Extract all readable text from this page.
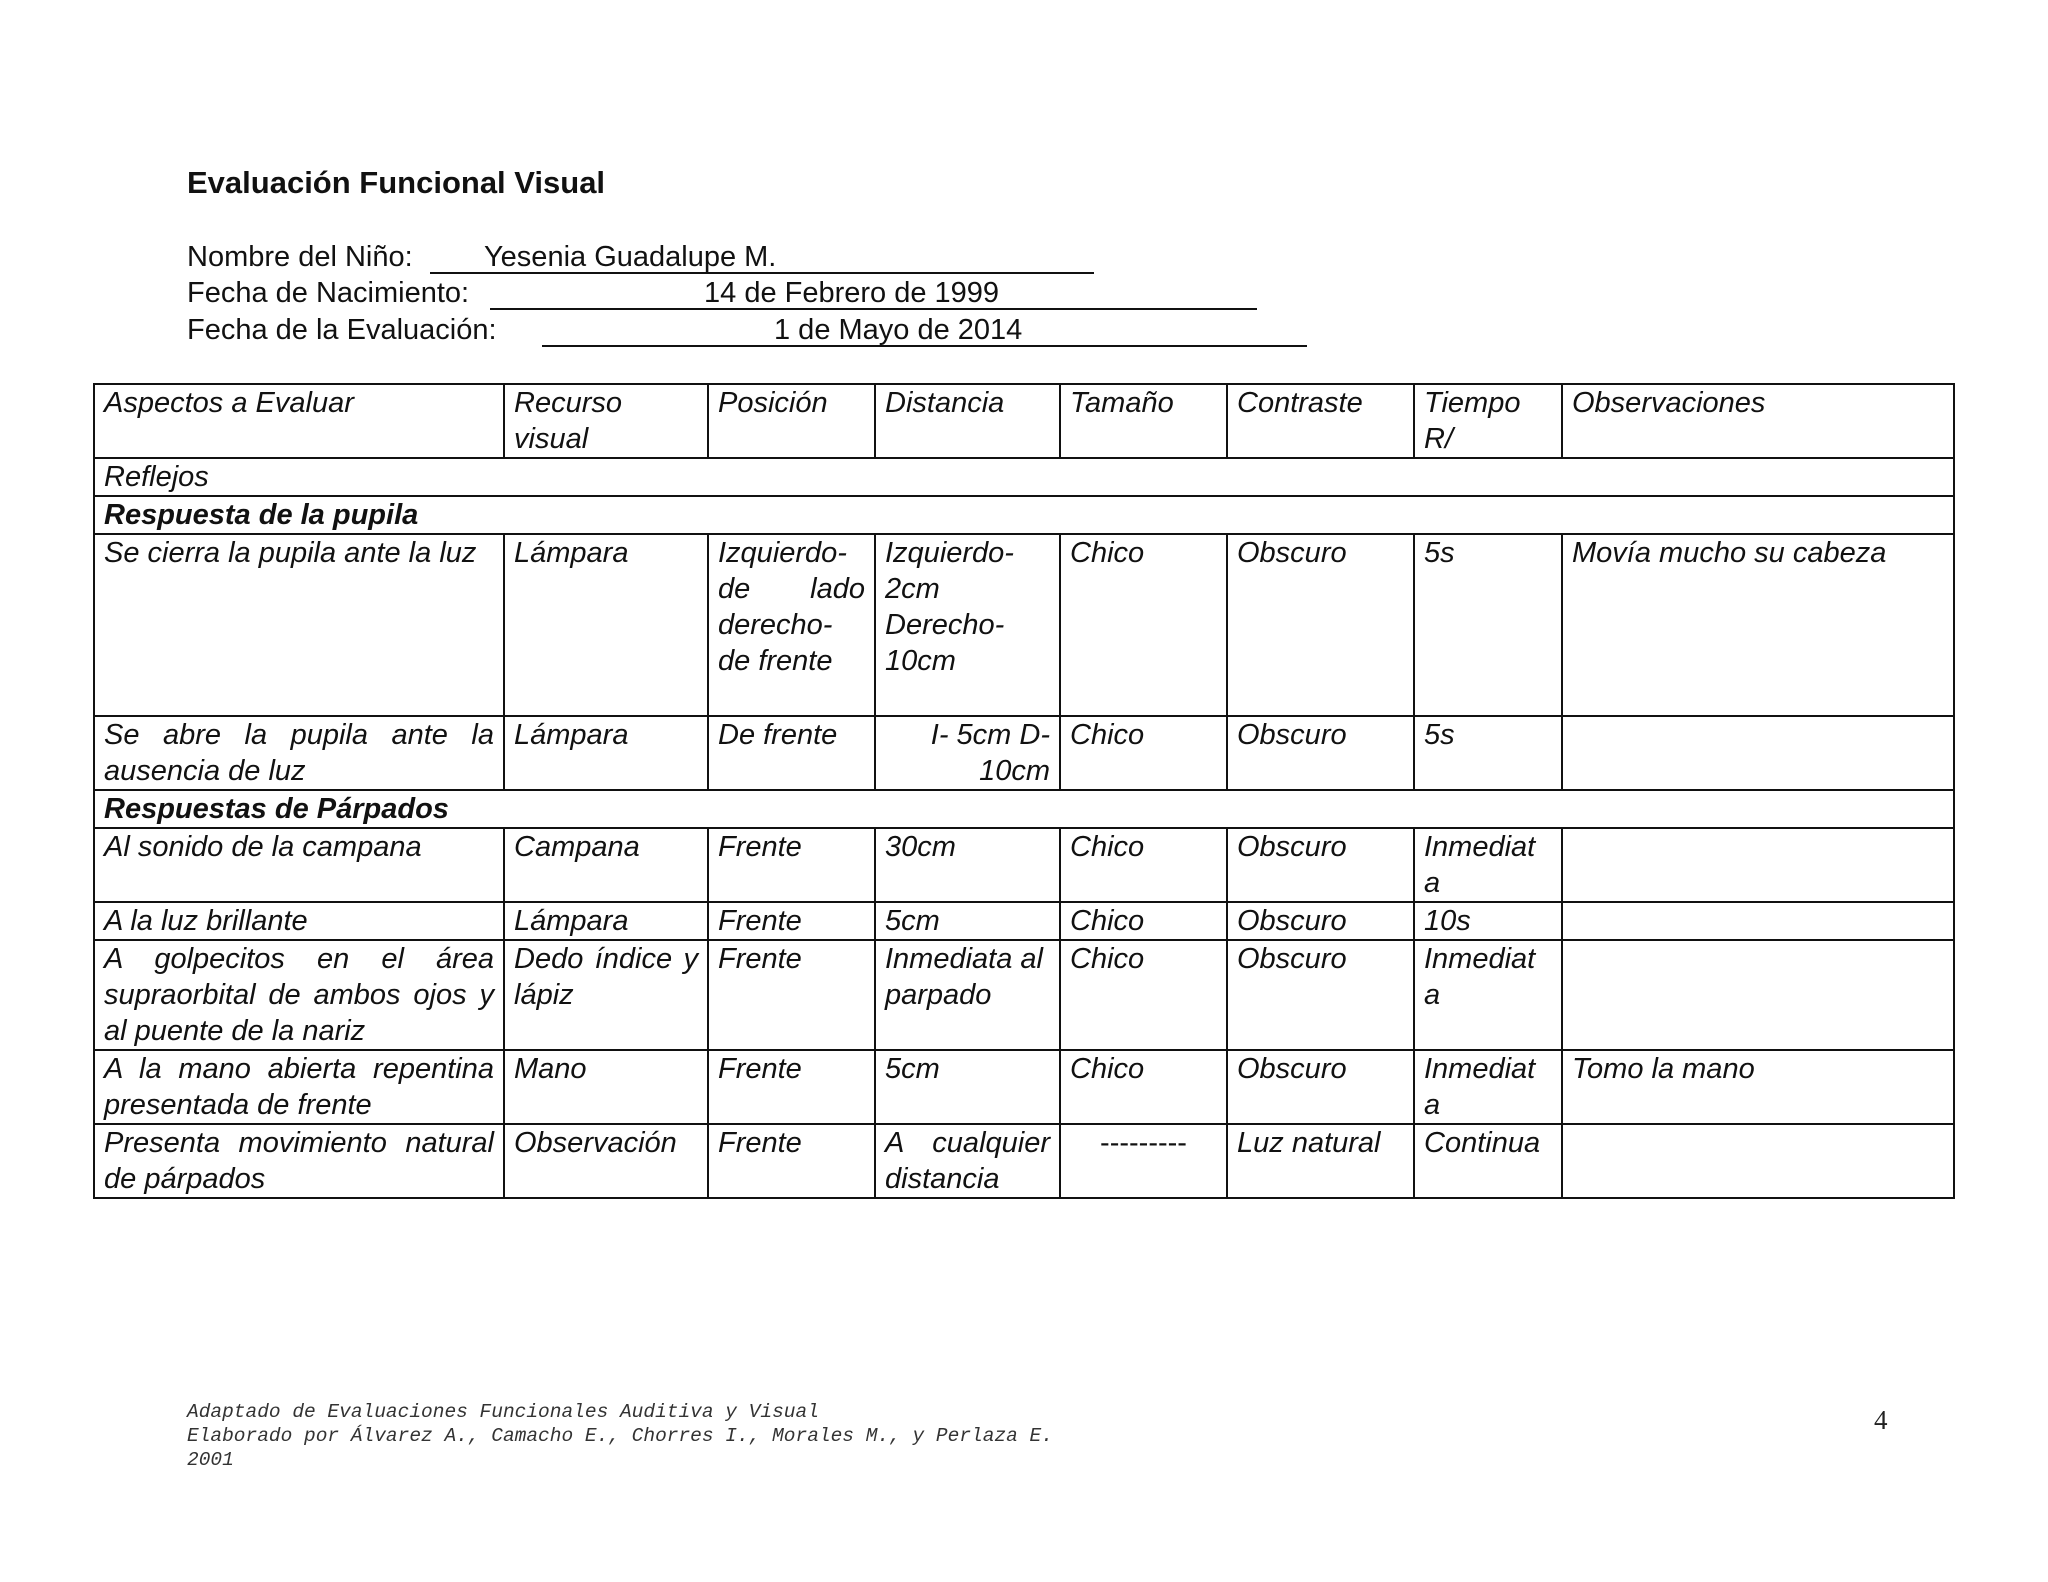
Evaluación Funcional Visual
Nombre del Niño: Yesenia Guadalupe M.
Fecha de Nacimiento:	14 de Febrero de 1999
Fecha de la Evaluación:	1 de Mayo de 2014
Aspectos a Evaluar	Recurso visual	Posición	Distancia	Tamaño	Contraste	Tiempo R/	Observaciones
Reflejos							
Respuesta de la pupila							
Se cierra la pupila ante la luz	Lámpara	Izquierdo- de lado derecho- de frente	Izquierdo- 2cm Derecho- 10cm	Chico	Obscuro	5s	Movía mucho su cabeza
Se abre la pupila ante la ausencia de luz	Lámpara	De frente	I- 5cm D-10cm	Chico	Obscuro	5s	
Respuestas de Párpados							
Al sonido de la campana	Campana	Frente	30cm	Chico	Obscuro	Inmediat a	
A la luz brillante	Lámpara	Frente	5cm	Chico	Obscuro	10s	
A golpecitos en el área supraorbital de ambos ojos y al puente de la nariz	Dedo índice y lápiz	Frente	Inmediata al parpado	Chico	Obscuro	Inmediat a	
A la mano abierta repentina presentada de frente	Mano	Frente	5cm	Chico	Obscuro	Inmediat a	Tomo la mano
Presenta movimiento natural de párpados	Observación	Frente	A cualquier distancia	---------	Luz natural	Continua	
Adaptado de Evaluaciones Funcionales Auditiva y Visual
Elaborado por Álvarez A., Camacho E., Chorres I., Morales M., y Perlaza E.
2001
4
